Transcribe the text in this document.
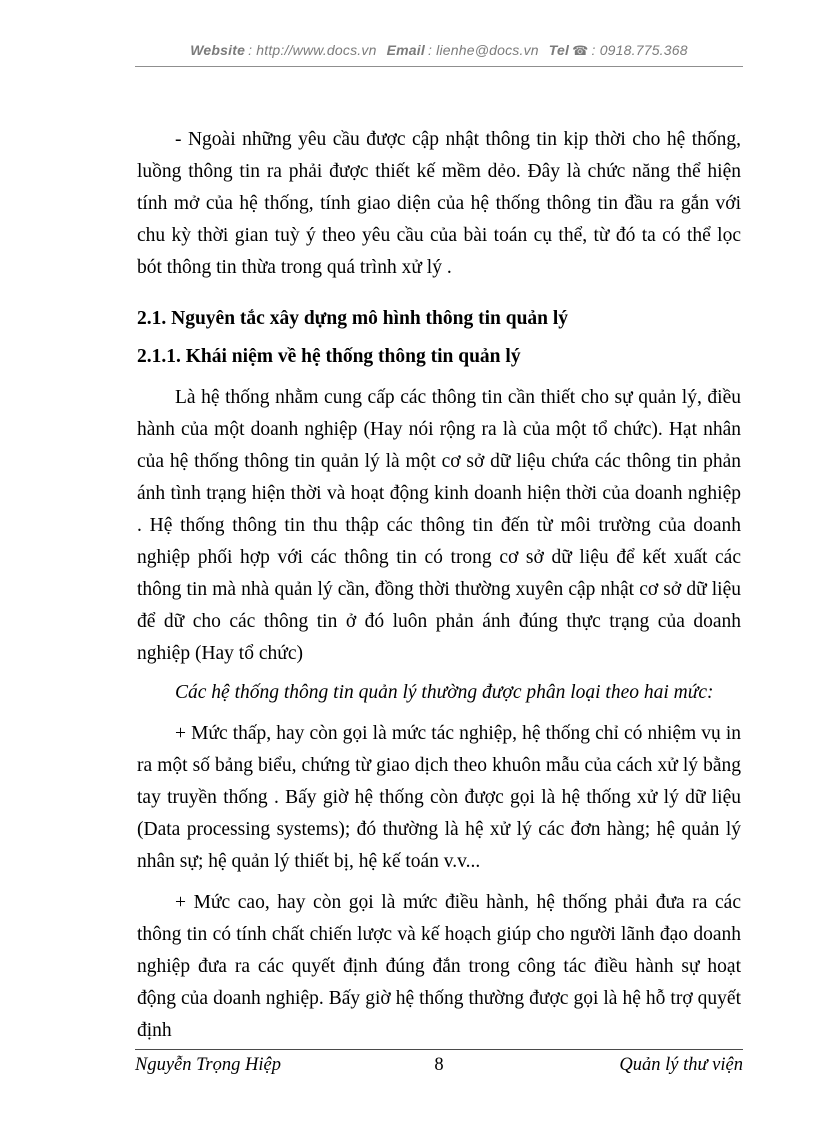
Website  : http://www.docs.vn Email  : lienhe@docs.vn Tel  ☎  : 0918.775.368

- Ngoài những yêu cầu được cập nhật thông tin kịp thời cho hệ thống, luồng thông tin ra phải được thiết kế mềm dẻo. Đây là chức năng thể hiện tính mở của hệ thống, tính giao diện của hệ thống thông tin đầu ra gắn với chu kỳ thời gian tuỳ ý theo yêu cầu của bài toán cụ thể, từ đó ta có thể lọc bót thông tin thừa trong quá trình xử lý .

2.1. Nguyên tắc xây dựng mô hình thông tin quản lý

2.1.1. Khái niệm về hệ thống thông tin quản lý

Là hệ thống nhằm cung cấp các thông tin cần thiết cho sự quản lý, điều hành của một doanh nghiệp (Hay nói rộng ra là của một tổ chức). Hạt nhân của hệ thống thông tin quản lý là một cơ sở dữ liệu chứa các thông tin phản ánh tình trạng hiện thời và hoạt động kinh doanh hiện thời của doanh nghiệp . Hệ thống thông tin thu thập các thông tin đến từ môi trường của doanh nghiệp phối hợp với các thông tin có trong cơ sở dữ liệu để kết xuất các thông tin mà nhà quản lý cần, đồng thời thường xuyên cập nhật cơ sở dữ liệu để dữ cho các thông tin ở đó luôn phản ánh đúng thực trạng của doanh nghiệp (Hay tổ chức)

Các hệ thống thông tin quản lý thường được phân loại theo hai mức:

+ Mức thấp, hay còn gọi là mức tác nghiệp, hệ thống chỉ có nhiệm vụ in ra một số bảng biểu, chứng từ giao dịch theo khuôn mẫu của cách xử lý bằng tay truyền thống . Bấy giờ hệ thống còn được gọi là hệ thống xử lý dữ liệu (Data processing systems); đó thường là hệ xử lý các đơn hàng; hệ quản lý nhân sự; hệ quản lý thiết bị, hệ kế toán v.v...

+ Mức cao, hay còn gọi là mức điều hành, hệ thống phải đưa ra các thông tin có tính chất chiến lược và kế hoạch giúp cho người lãnh đạo doanh nghiệp đưa ra các quyết định đúng đắn trong công tác điều hành sự hoạt động của doanh nghiệp. Bấy giờ hệ thống thường được gọi là hệ hỗ trợ quyết định

Nguyễn Trọng Hiệp	8	Quản lý thư viện
